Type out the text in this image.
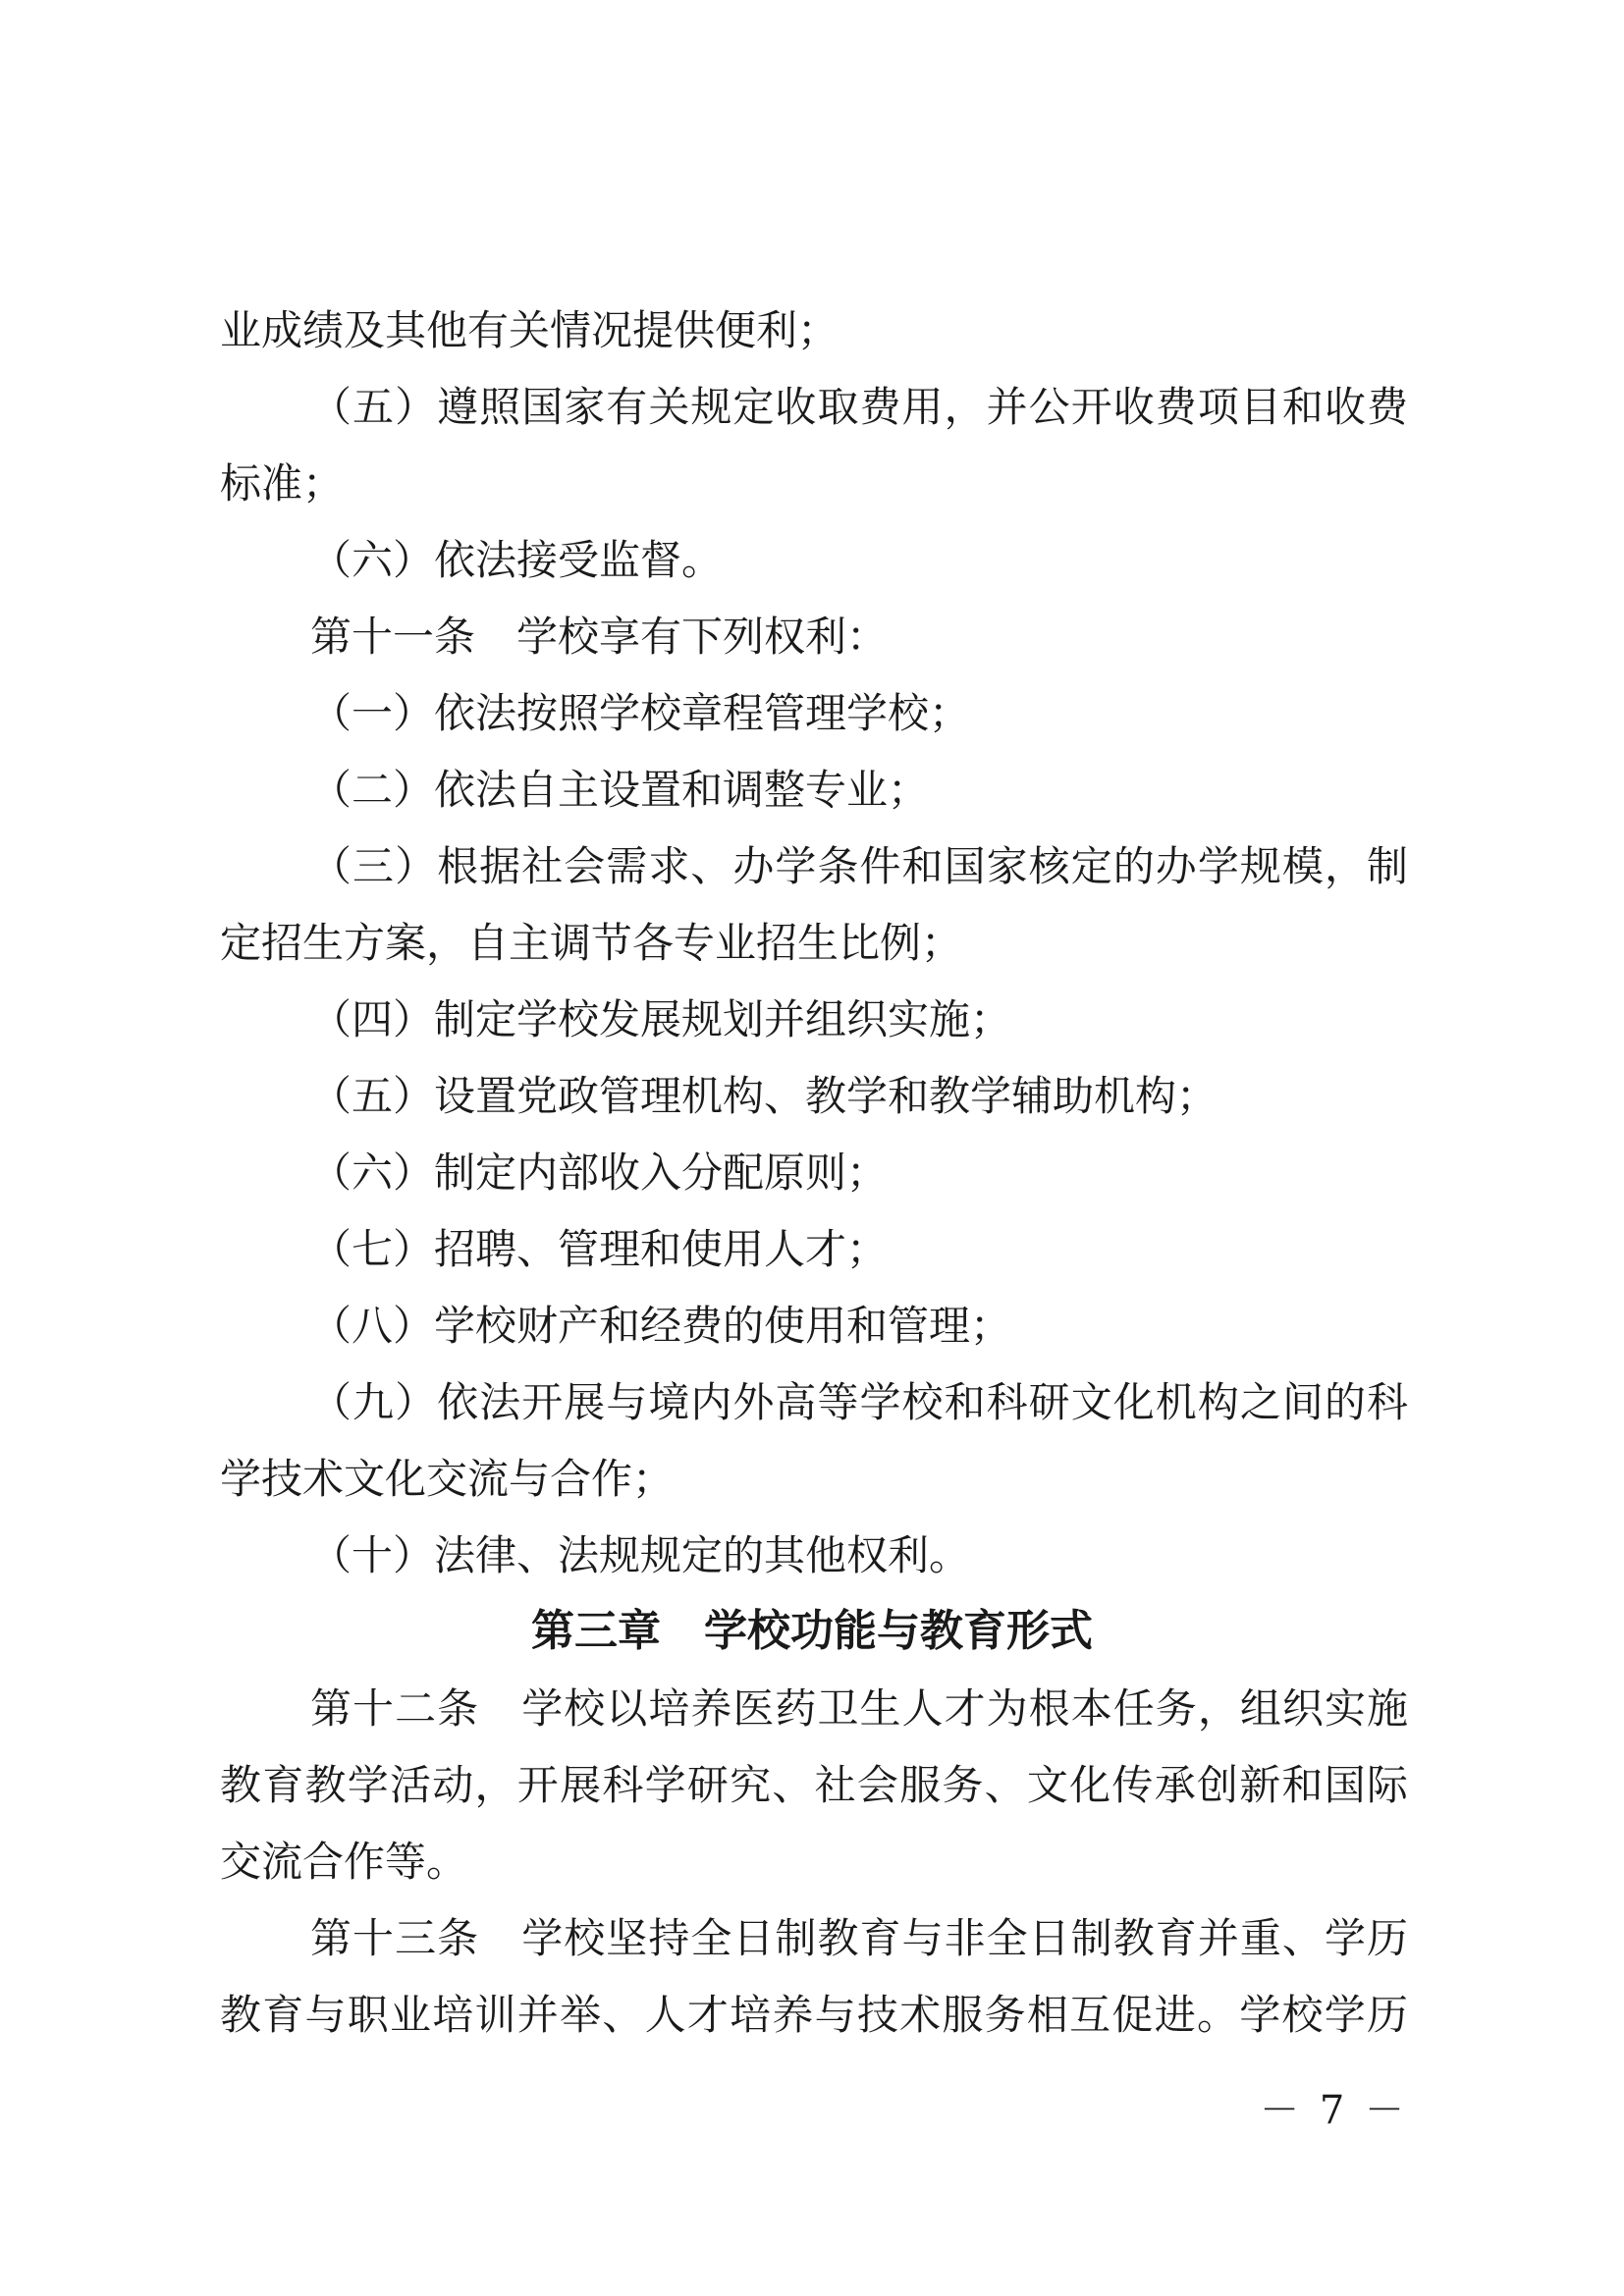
业成绩及其他有关情况提供便利；
（五）遵照国家有关规定收取费用，并公开收费项目和收费
标准；
（六）依法接受监督。
第十一条　学校享有下列权利：
（一）依法按照学校章程管理学校；
（二）依法自主设置和调整专业；
（三）根据社会需求、办学条件和国家核定的办学规模，制
定招生方案，自主调节各专业招生比例；
（四）制定学校发展规划并组织实施；
（五）设置党政管理机构、教学和教学辅助机构；
（六）制定内部收入分配原则；
（七）招聘、管理和使用人才；
（八）学校财产和经费的使用和管理；
（九）依法开展与境内外高等学校和科研文化机构之间的科
学技术文化交流与合作；
（十）法律、法规规定的其他权利。
第三章　学校功能与教育形式
第十二条　学校以培养医药卫生人才为根本任务，组织实施
教育教学活动，开展科学研究、社会服务、文化传承创新和国际
交流合作等。
第十三条　学校坚持全日制教育与非全日制教育并重、学历
教育与职业培训并举、人才培养与技术服务相互促进。学校学历
－ 7 －
